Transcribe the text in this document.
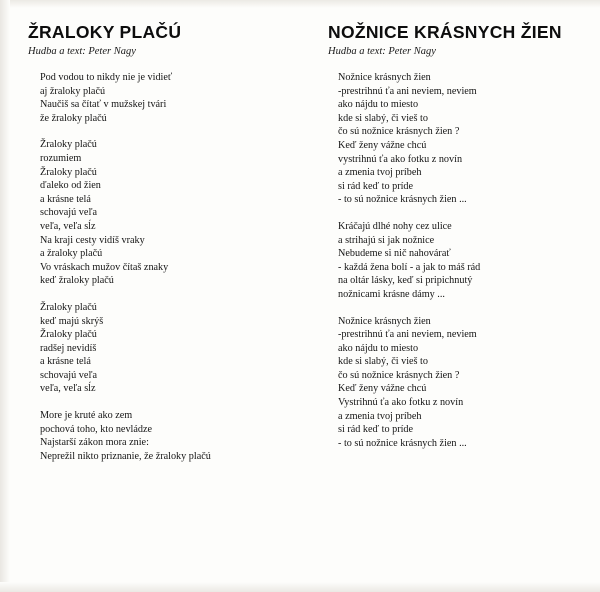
ŽRALOKY PLAČÚ
Hudba a text: Peter Nagy
Pod vodou to nikdy nie je vidieť
aj žraloky plačú
Naučiš sa čítať v mužskej tvári
že žraloky plačú
Žraloky plačú
rozumiem
Žraloky plačú
ďaleko od žien
a krásne telá
schovajú veľa
veľa, veľa sĺz
Na kraji cesty vidíš vraky
a žraloky plačú
Vo vráskach mužov čítaš znaky
keď žraloky plačú
Žraloky plačú
keď majú skrýš
Žraloky plačú
radšej nevidíš
a krásne telá
schovajú veľa
veľa, veľa sĺz
More je kruté ako zem
pochová toho, kto nevládze
Najstarší zákon mora znie:
Neprežil nikto priznanie, že žraloky plačú
NOŽNICE KRÁSNYCH ŽIEN
Hudba a text: Peter Nagy
Nožnice krásnych žien
-prestrihnú ťa ani neviem, neviem
ako nájdu to miesto
kde si slabý, či vieš to
čo sú nožnice krásnych žien ?
Keď ženy vážne chcú
vystrihnú ťa ako fotku z novín
a zmenia tvoj príbeh
si rád keď to príde
- to sú nožnice krásnych žien ...
Kráčajú dlhé nohy cez ulice
a strihajú si jak nožnice
Nebudeme si nič nahovárať
- každá žena bolí - a jak to máš rád
na oltár lásky, keď si pripichnutý
nožnicami krásne dámy ...
Nožnice krásnych žien
-prestrihnú ťa ani neviem, neviem
ako nájdu to miesto
kde si slabý, či vieš to
čo sú nožnice krásnych žien ?
Keď ženy vážne chcú
Vystrihnú ťa ako fotku z novín
a zmenia tvoj príbeh
si rád keď to príde
- to sú nožnice krásnych žien ...
